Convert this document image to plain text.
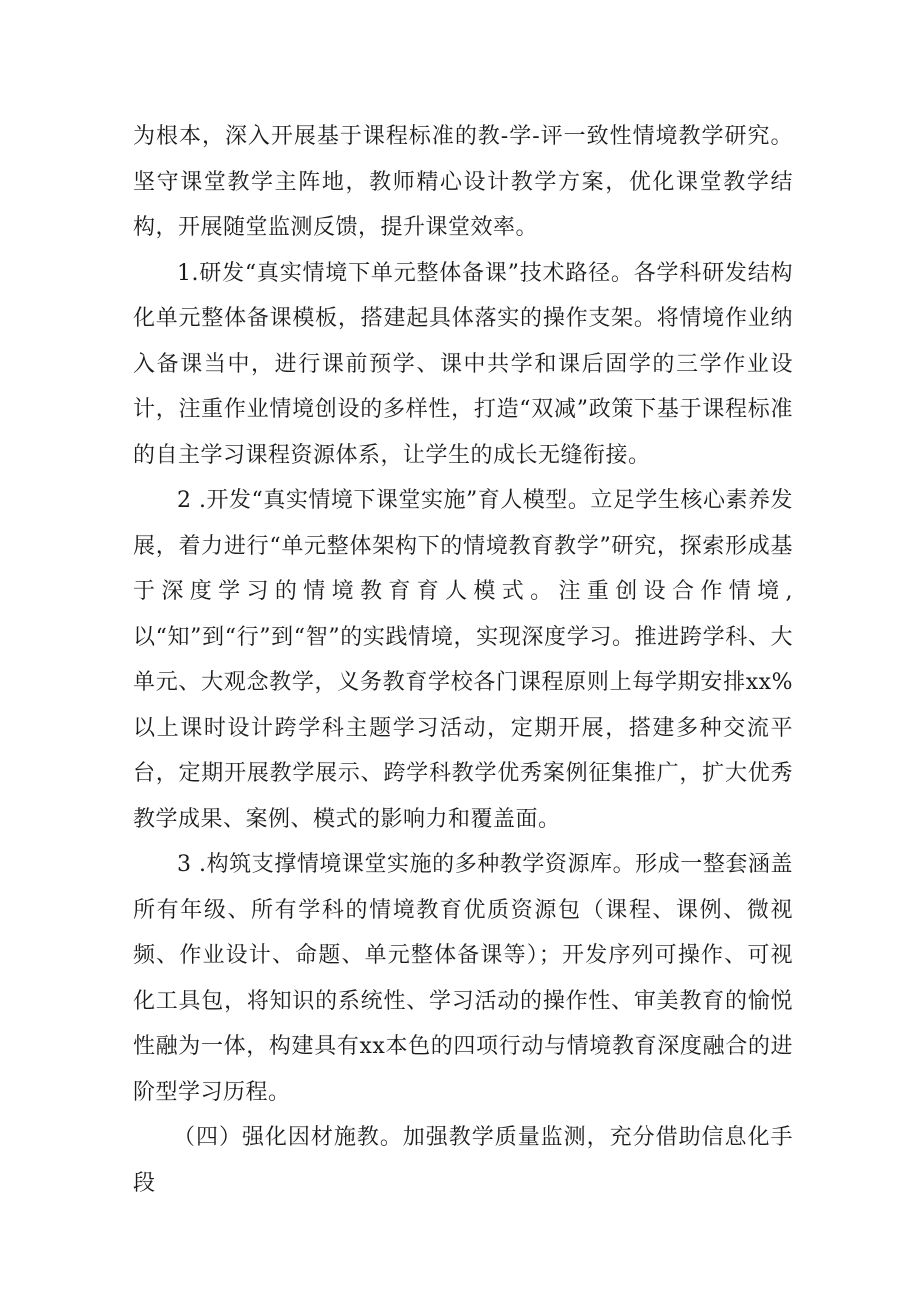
为根本，深入开展基于课程标准的教-学-评一致性情境教学研究。坚守课堂教学主阵地，教师精心设计教学方案，优化课堂教学结构，开展随堂监测反馈，提升课堂效率。

1.研发“真实情境下单元整体备课”技术路径。各学科研发结构化单元整体备课模板，搭建起具体落实的操作支架。将情境作业纳入备课当中，进行课前预学、课中共学和课后固学的三学作业设计，注重作业情境创设的多样性，打造“双减”政策下基于课程标准的自主学习课程资源体系，让学生的成长无缝衔接。

2 .开发“真实情境下课堂实施”育人模型。立足学生核心素养发展，着力进行“单元整体架构下的情境教育教学”研究，探索形成基于深度学习的情境教育育人模式。注重创设合作情境,以“知”到“行”到“智”的实践情境，实现深度学习。推进跨学科、大单元、大观念教学，义务教育学校各门课程原则上每学期安排xx%以上课时设计跨学科主题学习活动，定期开展，搭建多种交流平台，定期开展教学展示、跨学科教学优秀案例征集推广，扩大优秀教学成果、案例、模式的影响力和覆盖面。

3 .构筑支撑情境课堂实施的多种教学资源库。形成一整套涵盖所有年级、所有学科的情境教育优质资源包（课程、课例、微视频、作业设计、命题、单元整体备课等）；开发序列可操作、可视化工具包，将知识的系统性、学习活动的操作性、审美教育的愉悦性融为一体，构建具有xx本色的四项行动与情境教育深度融合的进阶型学习历程。

（四）强化因材施教。加强教学质量监测，充分借助信息化手段
